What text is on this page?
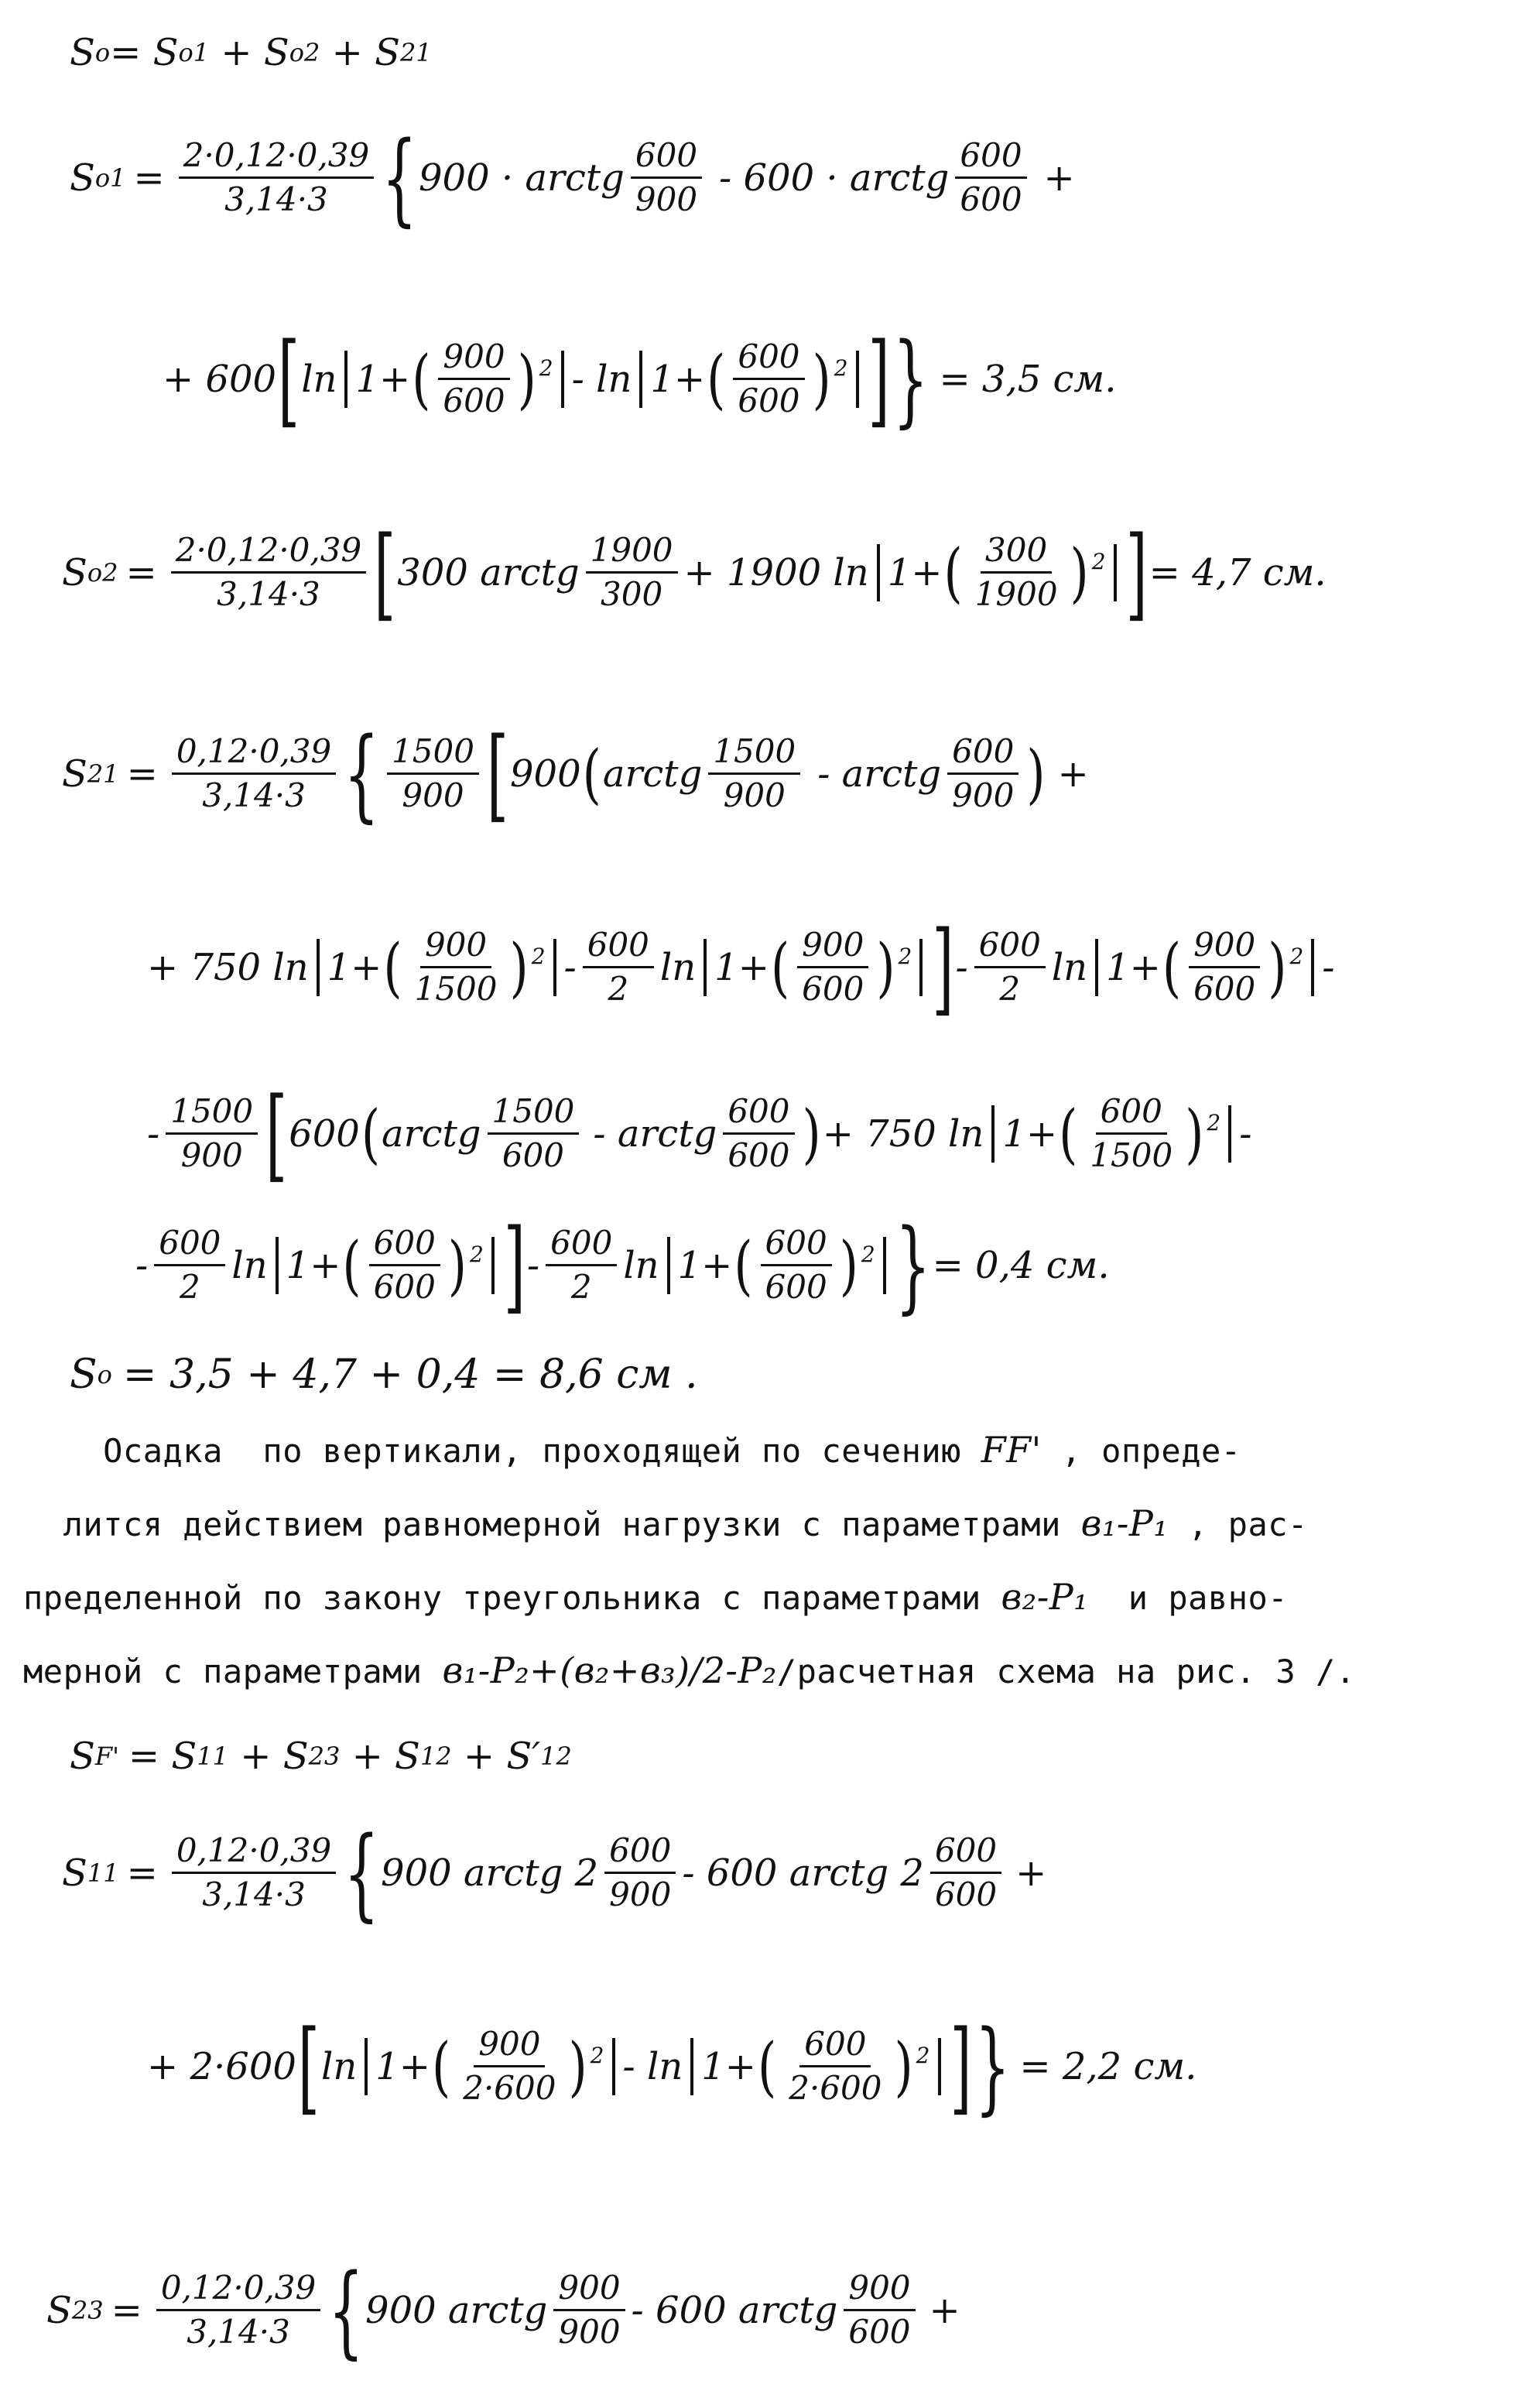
S o = S o1 + S o2 + S 21
S $o1 = \frac{2\cdot 0,12\cdot 0,39}{3,14\cdot 3}$ { 900 · arctg $\frac{600}{900} - 600$ · arctg $\frac{600}{600}$ +
+ 600 [ ln 1+ ( $\frac{900}{600} )^2 - \ln 1+$ ( $\frac{600}{600} )^2$ ] } = 3,5 см.
S $o2 = \frac{2\cdot 0,12\cdot 0,39}{3,14\cdot 3}$ [ 300 arctg $\frac{1900}{300} + 1900$ ln 1+ ( $\frac{300}{1900} )^2$ ] = 4,7 см.
S $21 = \frac{0,12\cdot 0,39}{3,14\cdot 3}$ { $\frac{1500}{900}$ [ 900 ( arctg $\frac{1500}{900}$ - arctg $\frac{600}{900}$ ) +
+ 750 ln 1+ ( $\frac{900}{1500} )^2 - \frac{600}{2}$ ln 1+ ( $\frac{900}{600} )^2$ ] - $\frac{600}{2}$ ln 1+ ( $\frac{900}{600} )^2$ -
- $\frac{1500}{900}$ [ 600 ( arctg $\frac{1500}{600}$ - arctg $\frac{600}{600}$ ) + 750 ln 1+ ( $\frac{600}{1500} )^2$ -
- $\frac{600}{2}$ ln 1+ ( $\frac{600}{600} )^2$ ] - $\frac{600}{2}$ ln 1+ ( $\frac{600}{600} )^2$ } = 0,4 см.
S o = 3,5 + 4,7 + 0,4 = 8,6 см .
Осадка  по вертикали, проходящей по сечению FF' , опреде-
лится действием равномерной нагрузки с параметрами в₁-P₁ , рас-
пределенной по закону треугольника с параметрами в₂-P₁  и равно-
мерной с параметрами в₁-P₂+(в₂+в₃)/2-P₂/расчетная схема на рис. 3 /.
S F' = S 11 + S 23 + S 12 + S′ 12
S $11 = \frac{0,12\cdot 0,39}{3,14\cdot 3}$ { 900 arctg $2 \frac{600}{900} - 600$ arctg $2 \frac{600}{600}$ +
+ 2·600 [ ln 1+ ( $\frac{900}{2\cdot 600} )^2 - \ln 1+$ ( $\frac{600}{2\cdot 600} )^2$ ] } = 2,2 см.
S $23 = \frac{0,12\cdot 0,39}{3,14\cdot 3}$ { 900 arctg $\frac{900}{900} - 600$ arctg $\frac{900}{600}$ +
